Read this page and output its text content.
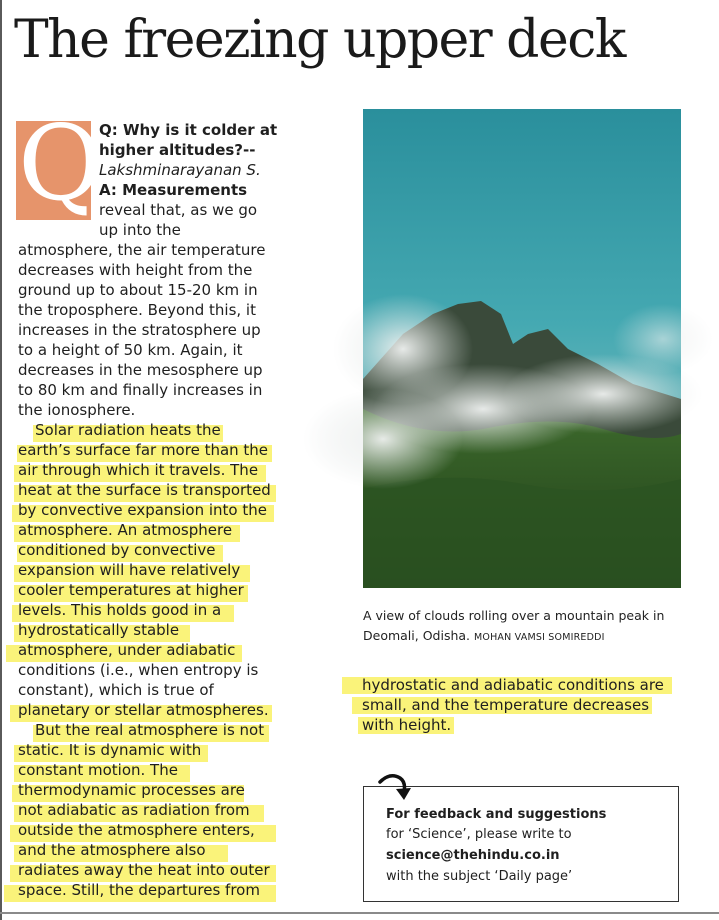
The freezing upper deck
Q
Q: Why is it colder at
higher altitudes?--
Lakshminarayanan S.
A: Measurements
reveal that, as we go
up into the
atmosphere, the air temperature
decreases with height from the
ground up to about 15-20 km in
the troposphere. Beyond this, it
increases in the stratosphere up
to a height of 50 km. Again, it
decreases in the mesosphere up
to 80 km and finally increases in
the ionosphere.
Solar radiation heats the
earth’s surface far more than the
air through which it travels. The
heat at the surface is transported
by convective expansion into the
atmosphere. An atmosphere
conditioned by convective
expansion will have relatively
cooler temperatures at higher
levels. This holds good in a
hydrostatically stable
atmosphere, under adiabatic
conditions (i.e., when entropy is
constant), which is true of
planetary or stellar atmospheres.
But the real atmosphere is not
static. It is dynamic with
constant motion. The
thermodynamic processes are
not adiabatic as radiation from
outside the atmosphere enters,
and the atmosphere also
radiates away the heat into outer
space. Still, the departures from
A view of clouds rolling over a mountain peak in
Deomali, Odisha. MOHAN VAMSI SOMIREDDI
hydrostatic and adiabatic conditions are
small, and the temperature decreases
with height.
For feedback and suggestions
for ‘Science’, please write to
science@thehindu.co.in
with the subject ‘Daily page’
